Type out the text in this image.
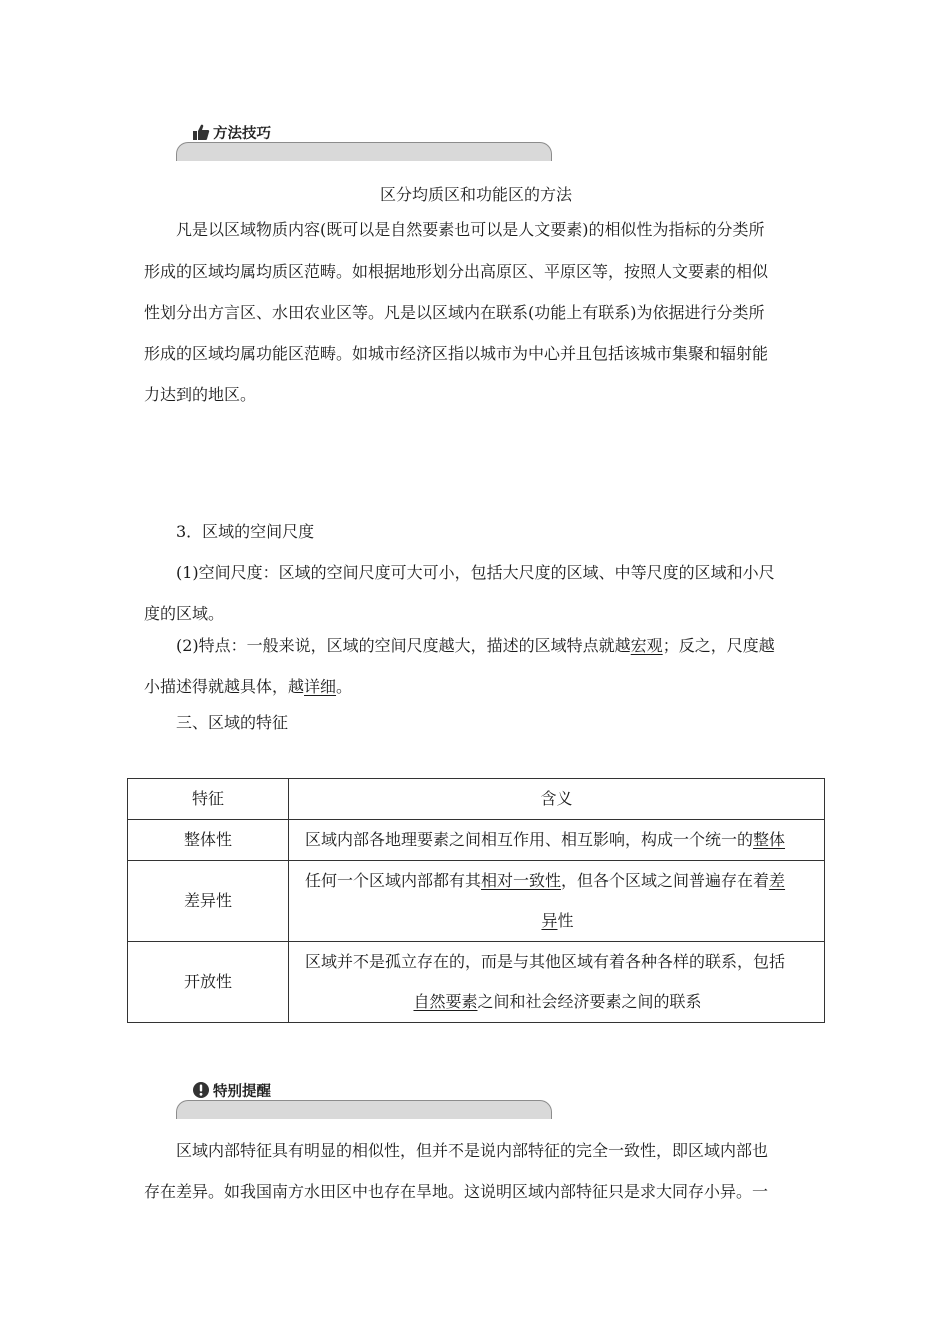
方法技巧
区分均质区和功能区的方法
凡是以区域物质内容(既可以是自然要素也可以是人文要素)的相似性为指标的分类所
形成的区域均属均质区范畴。如根据地形划分出高原区、平原区等，按照人文要素的相似
性划分出方言区、水田农业区等。凡是以区域内在联系(功能上有联系)为依据进行分类所
形成的区域均属功能区范畴。如城市经济区指以城市为中心并且包括该城市集聚和辐射能
力达到的地区。
3．区域的空间尺度
(1)空间尺度：区域的空间尺度可大可小，包括大尺度的区域、中等尺度的区域和小尺
度的区域。
(2)特点：一般来说，区域的空间尺度越大，描述的区域特点就越宏观；反之，尺度越
小描述得就越具体，越详细。
三、区域的特征
特征	含义
整体性	区域内部各地理要素之间相互作用、相互影响，构成一个统一的整体

差异性	任何一个区域内部都有其相对一致性，但各个区域之间普遍存在着差
异性

开放性	区域并不是孤立存在的，而是与其他区域有着各种各样的联系，包括
自然要素之间和社会经济要素之间的联系
特别提醒
区域内部特征具有明显的相似性，但并不是说内部特征的完全一致性，即区域内部也
存在差异。如我国南方水田区中也存在旱地。这说明区域内部特征只是求大同存小异。一
